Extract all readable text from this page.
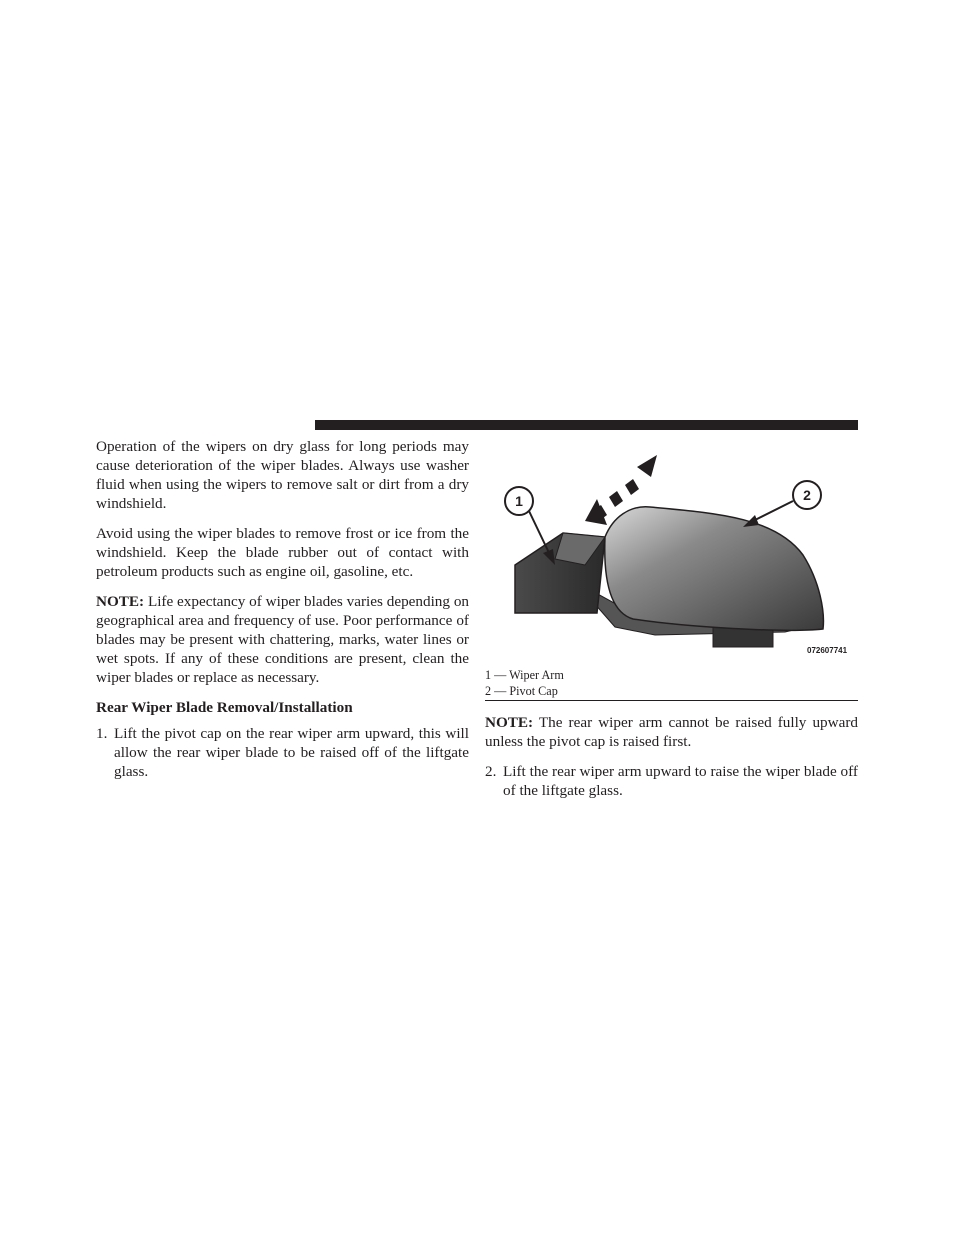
Operation of the wipers on dry glass for long periods may cause deterioration of the wiper blades. Always use washer fluid when using the wipers to remove salt or dirt from a dry windshield.

Avoid using the wiper blades to remove frost or ice from the windshield. Keep the blade rubber out of contact with petroleum products such as engine oil, gasoline, etc.

NOTE: Life expectancy of wiper blades varies depending on geographical area and frequency of use. Poor performance of blades may be present with chattering, marks, water lines or wet spots. If any of these conditions are present, clean the wiper blades or replace as necessary.

Rear Wiper Blade Removal/Installation
1. Lift the pivot cap on the rear wiper arm upward, this will allow the rear wiper blade to be raised off of the liftgate glass.
1	2
072607741
1 — Wiper Arm
2 — Pivot Cap

NOTE: The rear wiper arm cannot be raised fully upward unless the pivot cap is raised first.

2. Lift the rear wiper arm upward to raise the wiper blade off of the liftgate glass.
